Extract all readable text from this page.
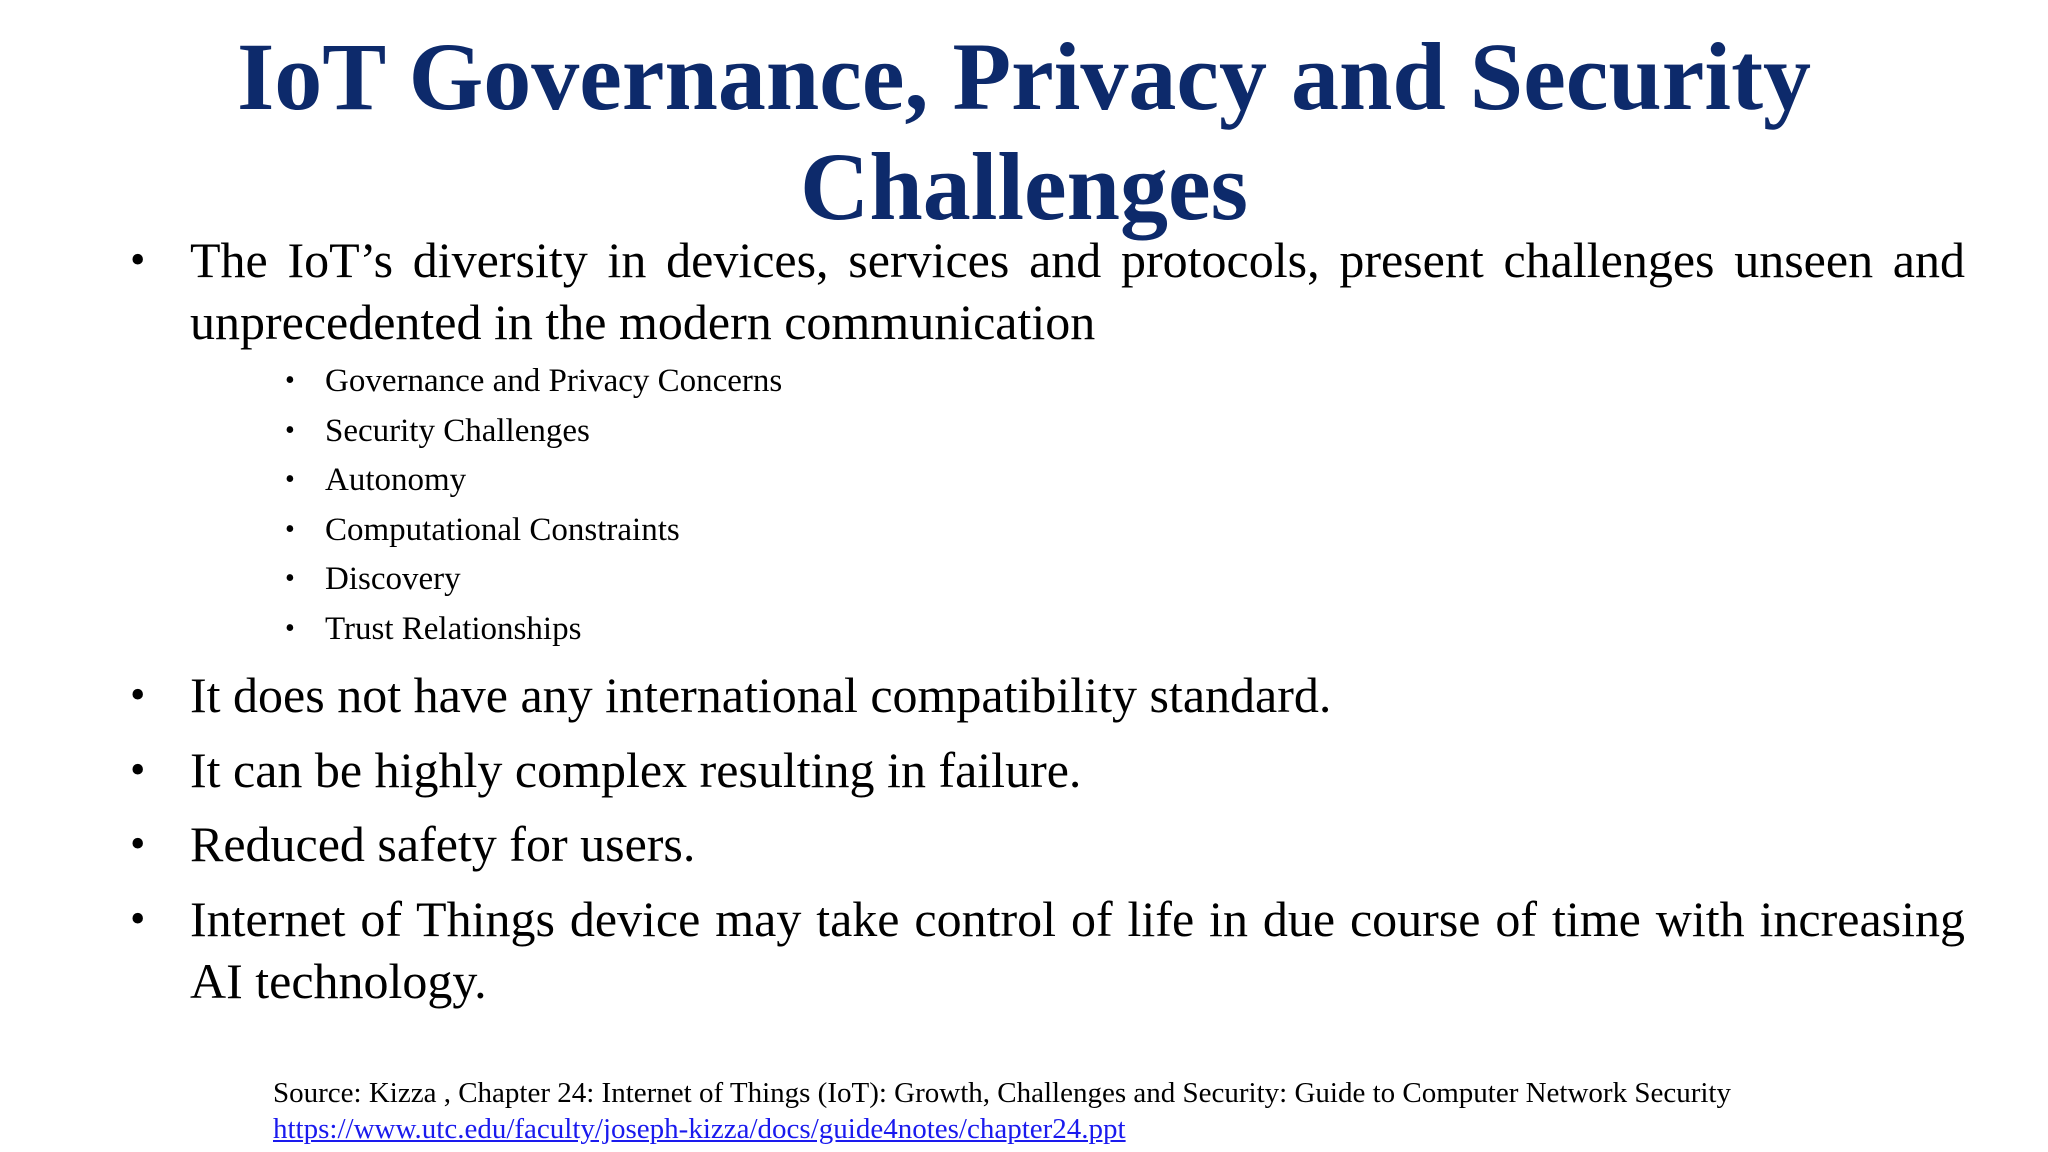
IoT Governance, Privacy and Security
Challenges
• The IoT’s diversity in devices, services and protocols, present challenges unseen and unprecedented in the modern communication
• Governance and Privacy Concerns
• Security Challenges
• Autonomy
• Computational Constraints
• Discovery
• Trust Relationships
• It does not have any international compatibility standard.
• It can be highly complex resulting in failure.
• Reduced safety for users.
• Internet of Things device may take control of life in due course of time with increasing AI technology.
Source: Kizza , Chapter 24: Internet of Things (IoT): Growth, Challenges and Security: Guide to Computer Network Security
https://www.utc.edu/faculty/joseph-kizza/docs/guide4notes/chapter24.ppt
